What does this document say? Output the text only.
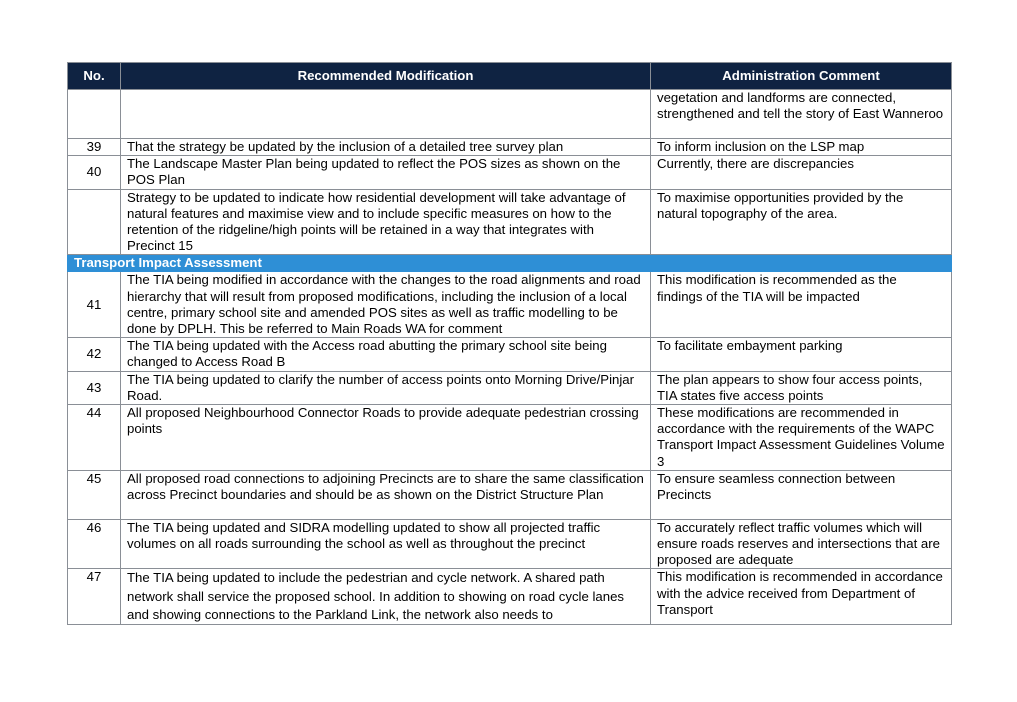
No.	Recommended Modification	Administration Comment
		vegetation and landforms are connected, strengthened and tell the story of East Wanneroo
39	That the strategy be updated by the inclusion of a detailed tree survey plan	To inform inclusion on the LSP map
40	The Landscape Master Plan being updated to reflect the POS sizes as shown on the POS Plan	Currently, there are discrepancies
	Strategy to be updated to indicate how residential development will take advantage of natural features and maximise view and to include specific measures on how to the retention of the ridgeline/high points will be retained in a way that integrates with Precinct 15	To maximise opportunities provided by the natural topography of the area.
Transport Impact Assessment		
41	The TIA being modified in accordance with the changes to the road alignments and road hierarchy that will result from proposed modifications, including the inclusion of a local centre, primary school site and amended POS sites as well as traffic modelling to be done by DPLH. This be referred to Main Roads WA for comment	This modification is recommended as the findings of the TIA will be impacted
42	The TIA being updated with the Access road abutting the primary school site being changed to Access Road B	To facilitate embayment parking
43	The TIA being updated to clarify the number of access points onto Morning Drive/Pinjar Road.	The plan appears to show four access points, TIA states five access points
44	All proposed Neighbourhood Connector Roads to provide adequate pedestrian crossing points	These modifications are recommended in accordance with the requirements of the WAPC Transport Impact Assessment Guidelines Volume 3
45	All proposed road connections to adjoining Precincts are to share the same classification across Precinct boundaries and should be as shown on the District Structure Plan	To ensure seamless connection between Precincts
46	The TIA being updated and SIDRA modelling updated to show all projected traffic volumes on all roads surrounding the school as well as throughout the precinct	To accurately reflect traffic volumes which will ensure roads reserves and intersections that are proposed are adequate
47	The TIA being updated to include the pedestrian and cycle network. A shared path network shall service the proposed school. In addition to showing on road cycle lanes and showing connections to the Parkland Link, the network also needs to	This modification is recommended in accordance with the advice received from Department of Transport
